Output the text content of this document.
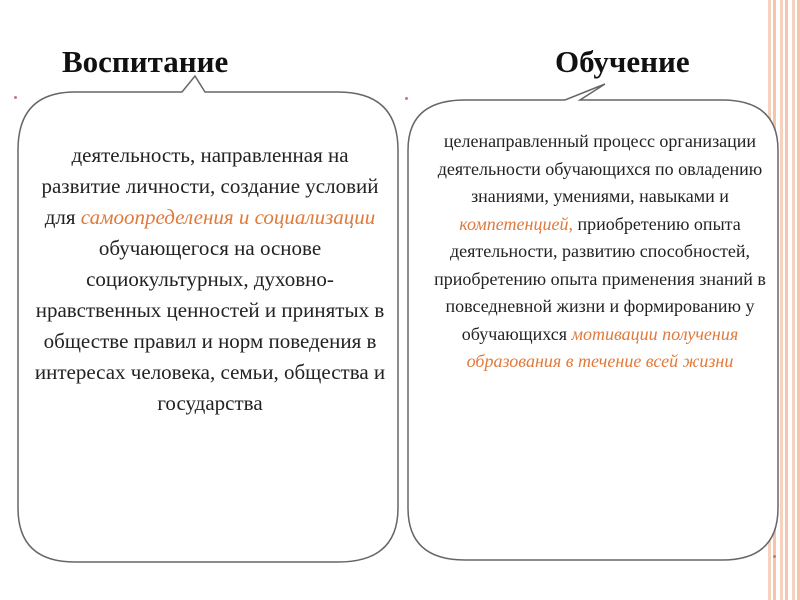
Воспитание	Обучение
деятельность, направленная на развитие личности, создание условий для самоопределения и социализации обучающегося на основе социокультурных, духовно-нравственных ценностей и принятых в обществе правил и норм поведения в интересах человека, семьи, общества и государства
целенаправленный процесс организации деятельности обучающихся по овладению знаниями, умениями, навыками и компетенцией, приобретению опыта деятельности, развитию способностей, приобретению опыта применения знаний в повседневной жизни и формированию у обучающихся мотивации получения образования в течение всей жизни
